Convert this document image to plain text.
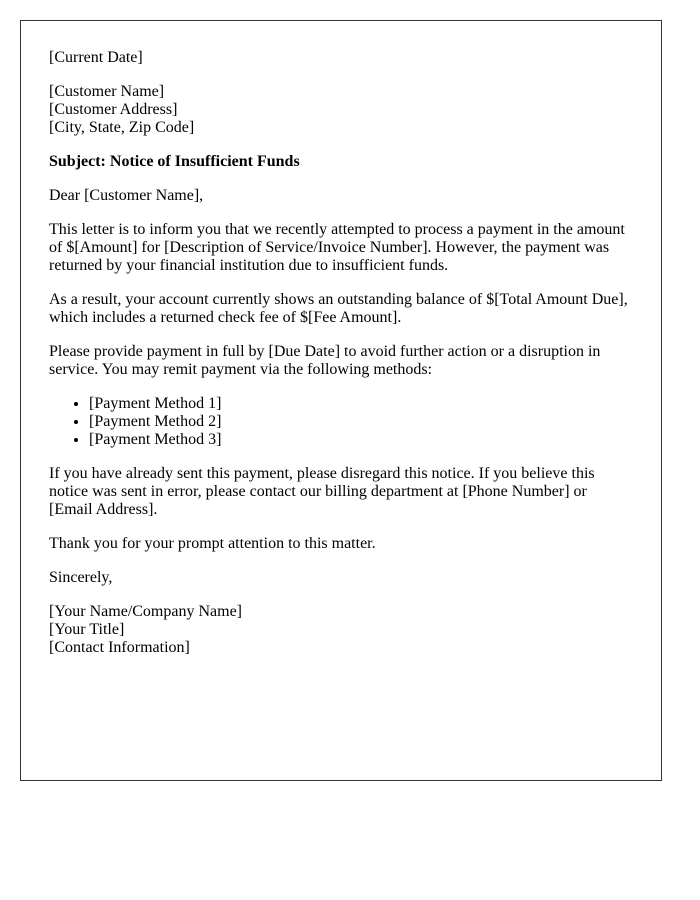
[Current Date]

[Customer Name]
[Customer Address]
[City, State, Zip Code]

Subject: Notice of Insufficient Funds

Dear [Customer Name],

This letter is to inform you that we recently attempted to process a payment in the amount of $[Amount] for [Description of Service/Invoice Number]. However, the payment was returned by your financial institution due to insufficient funds.

As a result, your account currently shows an outstanding balance of $[Total Amount Due], which includes a returned check fee of $[Fee Amount].

Please provide payment in full by [Due Date] to avoid further action or a disruption in service. You may remit payment via the following methods:

• [Payment Method 1]
• [Payment Method 2]
• [Payment Method 3]

If you have already sent this payment, please disregard this notice. If you believe this notice was sent in error, please contact our billing department at [Phone Number] or [Email Address].

Thank you for your prompt attention to this matter.

Sincerely,

[Your Name/Company Name]
[Your Title]
[Contact Information]
